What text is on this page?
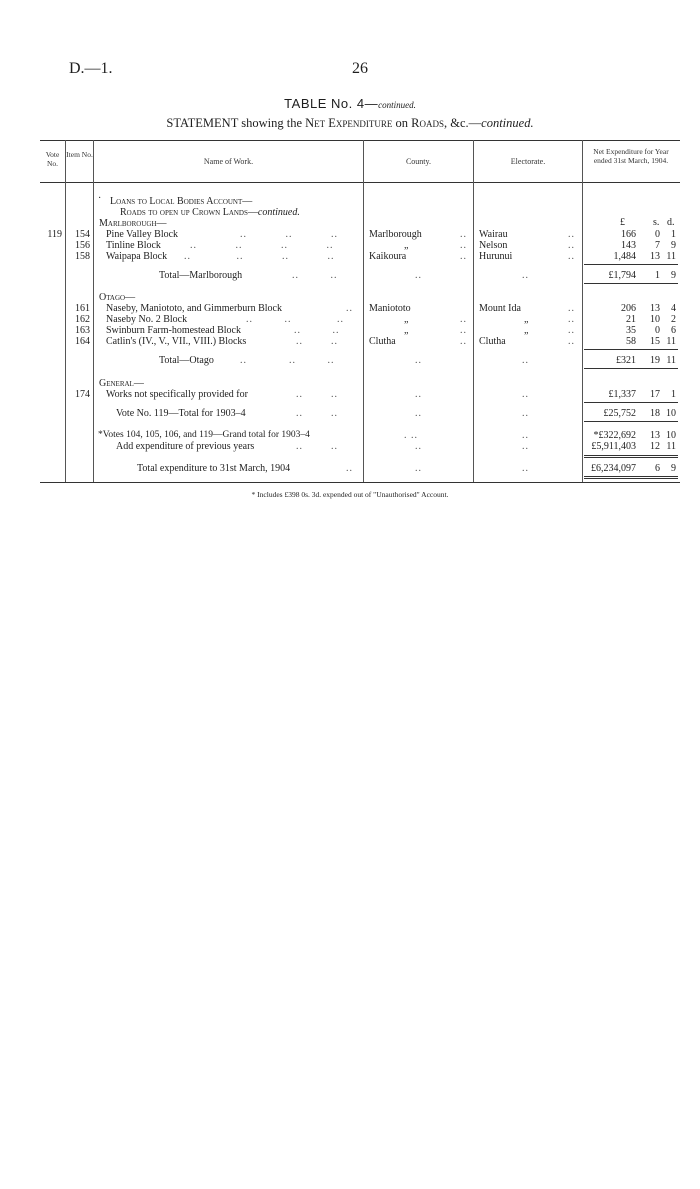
D.—1.	26
TABLE No. 4—continued.
STATEMENT showing the Net Expenditure on Roads, &c.—continued.
Vote No.
Item No.
Name of Work.	County.	Electorate.
Net Expenditure for Year ended 31st March, 1904.
· Loans to Local Bodies Account—
Roads to open up Crown Lands—continued.
Marlborough—	£	s. d.
119	154 Pine Valley Block	..           ..           ..	Marlborough	.. Wairau	..	166	0	1
156 Tinline Block	..           ..           ..           ..	„	.. Nelson	..	143	7	9
158 Waipapa Block ..             ..           ..           ..	Kaikoura	.. Hurunui	..	1,484	13 11
Total—Marlborough	..         ..	..	..	£1,794	1	9
Otago—
161 Naseby, Maniototo, and Gimmerburn Block	.. Maniototo	Mount Ida	..	206	13	4
162 Naseby No. 2 Block	..         ..             ..	„	..	„	..	21	10	2
163 Swinburn Farm-homestead Block	..         ..	„	..	„	..	35	0	6
164 Catlin's (IV., V., VII., VIII.) Blocks	..        ..	Clutha	.. Clutha	..	58	15 11
Total—Otago	..            ..         ..	..	..	£321	19 11
General—
174 Works not specifically provided for	..        ..	..	..	£1,337	17	1
Vote No. 119—Total for 1903–4	..        ..	..	..	£25,752	18 10
*Votes 104, 105, 106, and 119—Grand total for 1903–4	. ..	..	*£322,692	13 10
Add expenditure of previous years	..        ..	..	..	£5,911,403	12 11
Total expenditure to 31st March, 1904	..	..	..	£6,234,097	6	9
* Includes £398 0s. 3d. expended out of "Unauthorised" Account.
